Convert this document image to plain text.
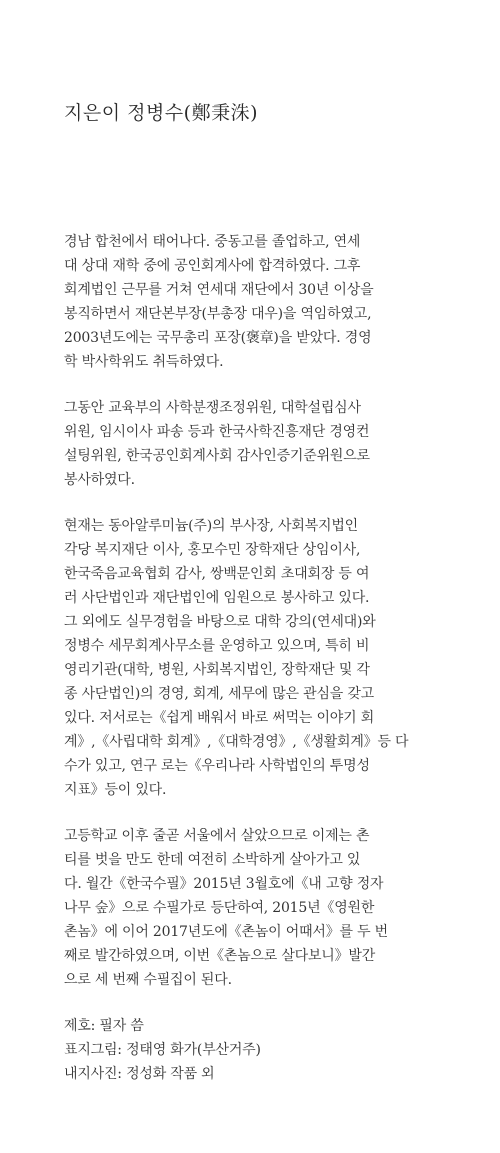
지은이 정병수(鄭秉洙)

경남 합천에서 태어나다. 중동고를 졸업하고, 연세
대 상대 재학 중에 공인회계사에 합격하였다. 그후
회계법인 근무를 거쳐 연세대 재단에서 30년 이상을
봉직하면서 재단본부장(부총장 대우)을 역임하였고,
2003년도에는 국무총리 포장(褒章)을 받았다. 경영
학 박사학위도 취득하였다.

그동안 교육부의 사학분쟁조정위원, 대학설립심사
위원, 임시이사 파송 등과 한국사학진흥재단 경영컨
설팅위원, 한국공인회계사회 감사인증기준위원으로
봉사하였다.

현재는 동아알루미늄(주)의 부사장, 사회복지법인
각당 복지재단 이사, 홍모수민 장학재단 상임이사,
한국죽음교육협회 감사, 쌍백문인회 초대회장 등 여
러 사단법인과 재단법인에 임원으로 봉사하고 있다.
그 외에도 실무경험을 바탕으로 대학 강의(연세대)와
정병수 세무회계사무소를 운영하고 있으며, 특히 비
영리기관(대학, 병원, 사회복지법인, 장학재단 및 각
종 사단법인)의 경영, 회계, 세무에 많은 관심을 갖고
있다. 저서로는《쉽게 배워서 바로 써먹는 이야기 회
계》,《사립대학 회계》,《대학경영》,《생활회계》등 다
수가 있고, 연구 로는《우리나라 사학법인의 투명성
지표》등이 있다.

고등학교 이후 줄곧 서울에서 살았으므로 이제는 촌
티를 벗을 만도 한데 여전히 소박하게 살아가고 있
다. 월간《한국수필》2015년 3월호에《내 고향 정자
나무 숲》으로 수필가로 등단하여, 2015년《영원한
촌놈》에 이어 2017년도에《촌놈이 어때서》를 두 번
째로 발간하였으며, 이번《촌놈으로 살다보니》발간
으로 세 번째 수필집이 된다.

제호: 필자 씀
표지그림: 정태영 화가(부산거주)
내지사진: 정성화 작품 외
